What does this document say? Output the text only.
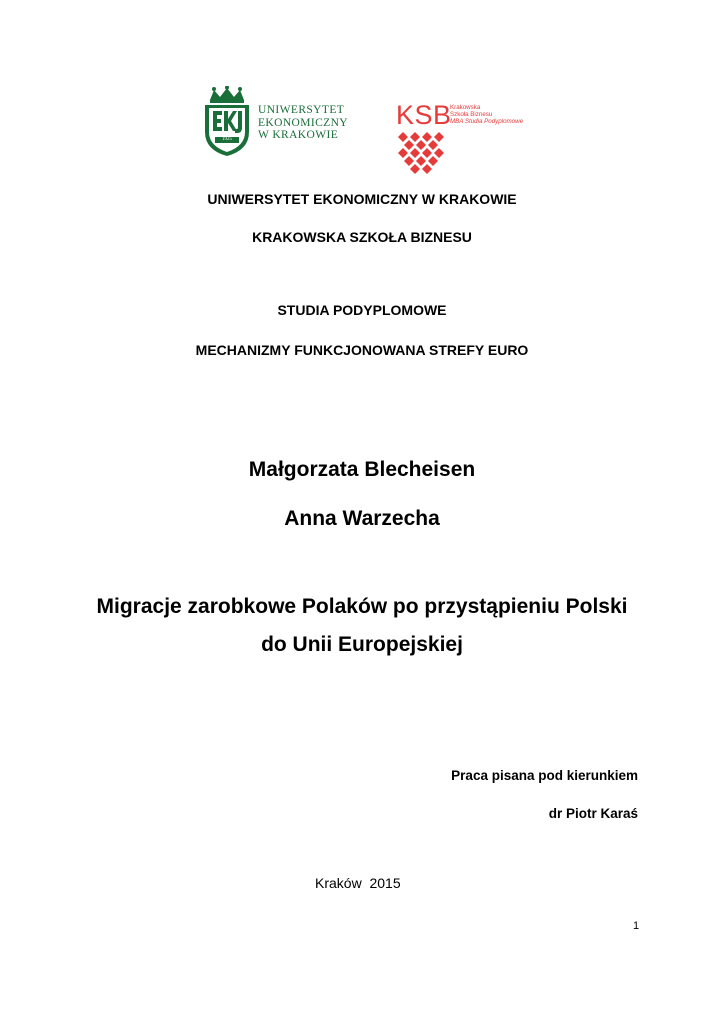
1925
UNIWERSYTET
EKONOMICZNY
W KRAKOWIE
KSB
Krakowska
Szkoła Biznesu
MBA Studia Podyplomowe
UNIWERSYTET EKONOMICZNY W KRAKOWIE
KRAKOWSKA SZKOŁA BIZNESU
STUDIA PODYPLOMOWE
MECHANIZMY FUNKCJONOWANA STREFY EURO
Małgorzata Blecheisen
Anna Warzecha
Migracje zarobkowe Polaków po przystąpieniu Polski
do Unii Europejskiej
Praca pisana pod kierunkiem
dr Piotr Karaś
Kraków  2015
1
